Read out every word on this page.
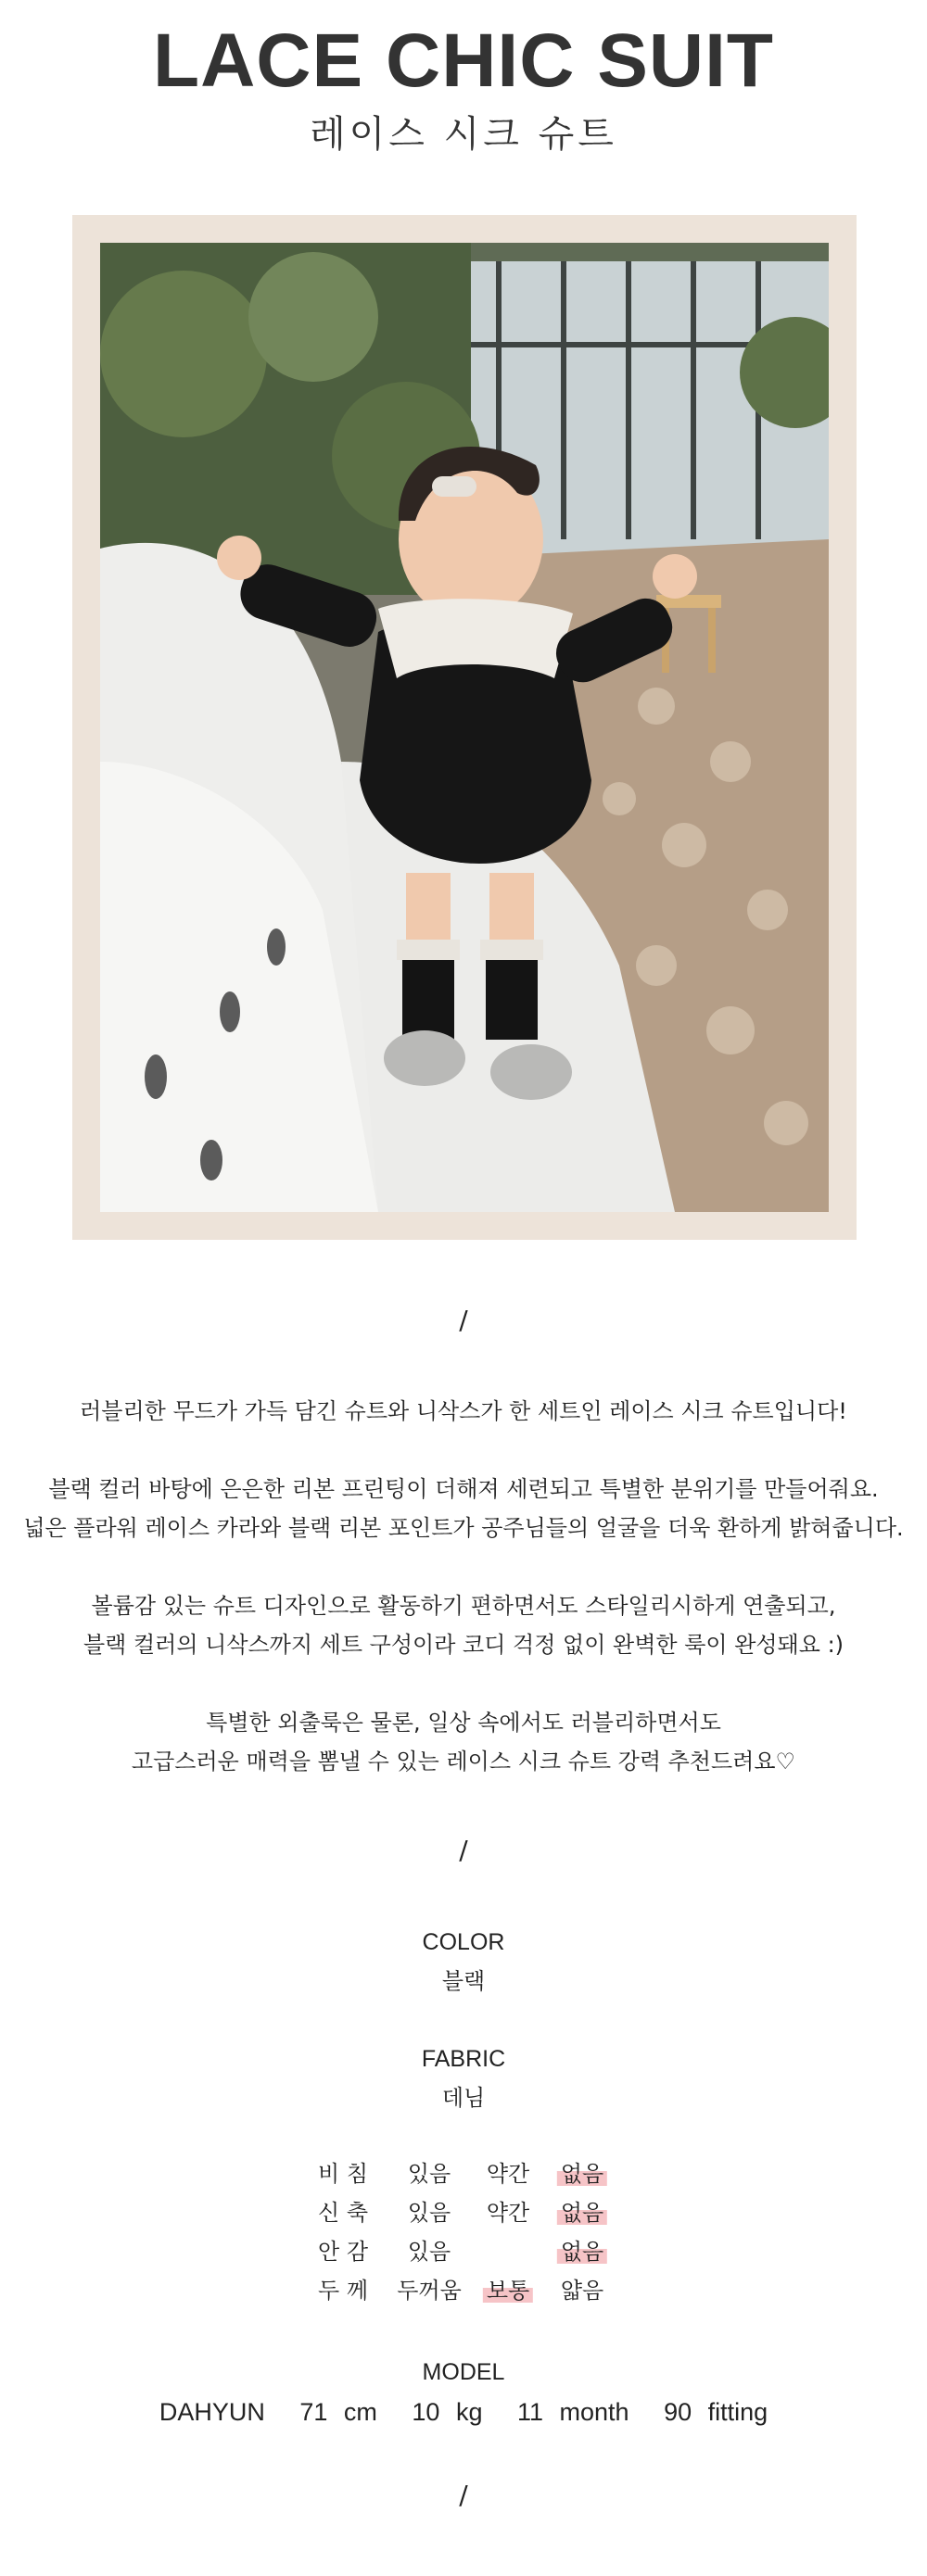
LACE CHIC SUIT
레이스 시크 슈트
/

러블리한 무드가 가득 담긴 슈트와 니삭스가 한 세트인 레이스 시크 슈트입니다!

블랙 컬러 바탕에 은은한 리본 프린팅이 더해져 세련되고 특별한 분위기를 만들어줘요.

넓은 플라워 레이스 카라와 블랙 리본 포인트가 공주님들의 얼굴을 더욱 환하게 밝혀줍니다.

볼륨감 있는 슈트 디자인으로 활동하기 편하면서도 스타일리시하게 연출되고,

블랙 컬러의 니삭스까지 세트 구성이라 코디 걱정 없이 완벽한 룩이 완성돼요 :)

특별한 외출룩은 물론, 일상 속에서도 러블리하면서도

고급스러운 매력을 뽐낼 수 있는 레이스 시크 슈트 강력 추천드려요♡

/
COLOR
블랙
FABRIC
데님
비 침 있음 약간 없음
신 축 있음 약간 없음
안 감 있음	없음
두 께 두꺼움 보통 얇음
MODEL
DAHYUN 71 cm 10 kg 11 month 90 fitting
/
